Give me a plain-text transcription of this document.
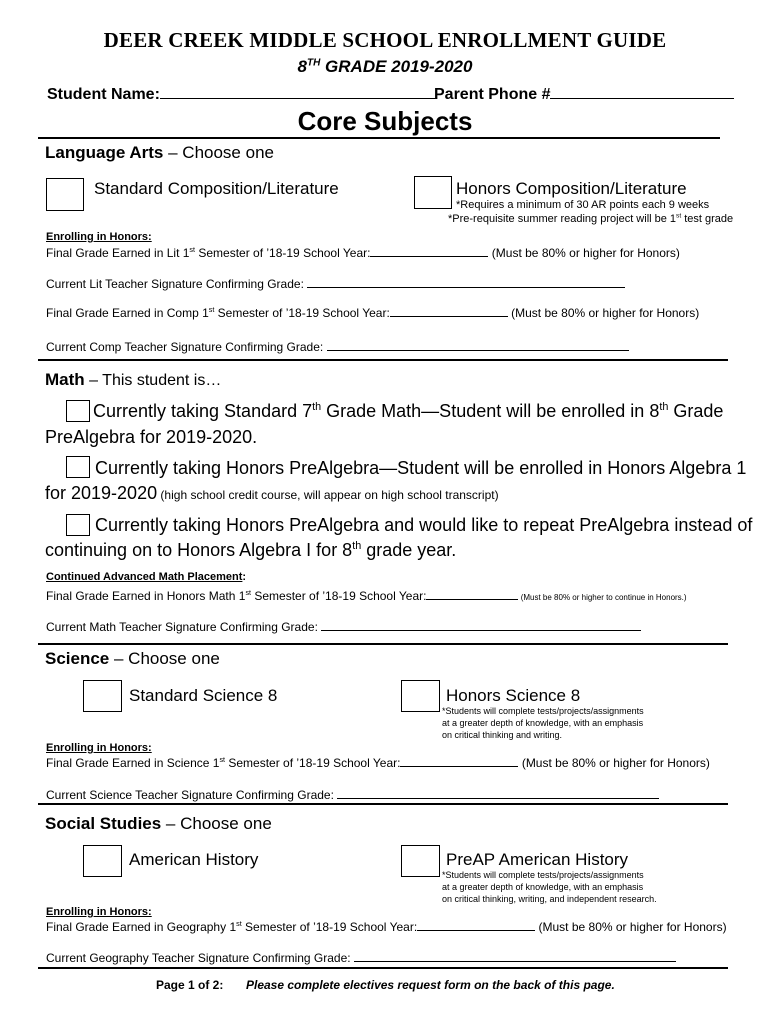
DEER CREEK MIDDLE SCHOOL ENROLLMENT GUIDE
8TH GRADE 2019-2020
Student Name:	Parent Phone #
Core Subjects
Language Arts – Choose one
Standard Composition/Literature	Honors Composition/Literature
*Requires a minimum of 30 AR points each 9 weeks
*Pre-requisite summer reading project will be 1st test grade
Enrolling in Honors:
Final Grade Earned in Lit 1st Semester of ’18-19 School Year:	(Must be 80% or higher for Honors)
Current Lit Teacher Signature Confirming Grade:
Final Grade Earned in Comp 1st Semester of ’18-19 School Year:	(Must be 80% or higher for Honors)
Current Comp Teacher Signature Confirming Grade:
Math – This student is…
Currently taking Standard 7th Grade Math—Student will be enrolled in 8th Grade
PreAlgebra for 2019-2020.
Currently taking Honors PreAlgebra—Student will be enrolled in Honors Algebra 1
for 2019-2020 (high school credit course, will appear on high school transcript)
Currently taking Honors PreAlgebra and would like to repeat PreAlgebra instead of
continuing on to Honors Algebra I for 8th grade year.
Continued Advanced Math Placement:
Final Grade Earned in Honors Math 1st Semester of ’18-19 School Year:	(Must be 80% or higher to continue in Honors.)
Current Math Teacher Signature Confirming Grade:
Science – Choose one
Standard Science 8	Honors Science 8
*Students will complete tests/projects/assignments
at a greater depth of knowledge, with an emphasis
on critical thinking and writing.
Enrolling in Honors:
Final Grade Earned in Science 1st Semester of ’18-19 School Year:	(Must be 80% or higher for Honors)
Current Science Teacher Signature Confirming Grade:
Social Studies – Choose one
American History	PreAP American History
*Students will complete tests/projects/assignments
at a greater depth of knowledge, with an emphasis
on critical thinking, writing, and independent research.
Enrolling in Honors:
Final Grade Earned in Geography 1st Semester of ’18-19 School Year:	(Must be 80% or higher for Honors)
Current Geography Teacher Signature Confirming Grade:
Page 1 of 2: Please complete electives request form on the back of this page.
